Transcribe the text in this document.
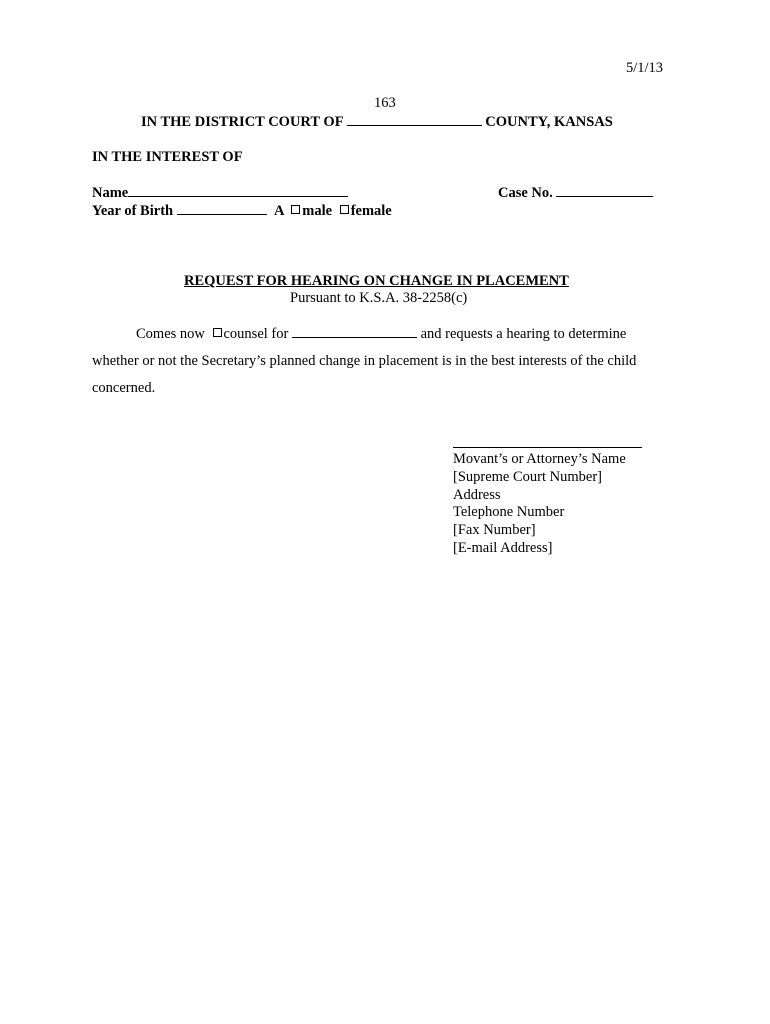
5/1/13
163
IN THE DISTRICT COURT OF	COUNTY, KANSAS
IN THE INTEREST OF
Name	Case No.
Year of Birth	A male female
REQUEST FOR HEARING ON CHANGE IN PLACEMENT
Pursuant to K.S.A. 38-2258(c)
Comes now counsel for	and requests a hearing to determine
whether or not the Secretary’s planned change in placement is in the best interests of the child
concerned.
Movant’s or Attorney’s Name
[Supreme Court Number]
Address
Telephone Number
[Fax Number]
[E-mail Address]
